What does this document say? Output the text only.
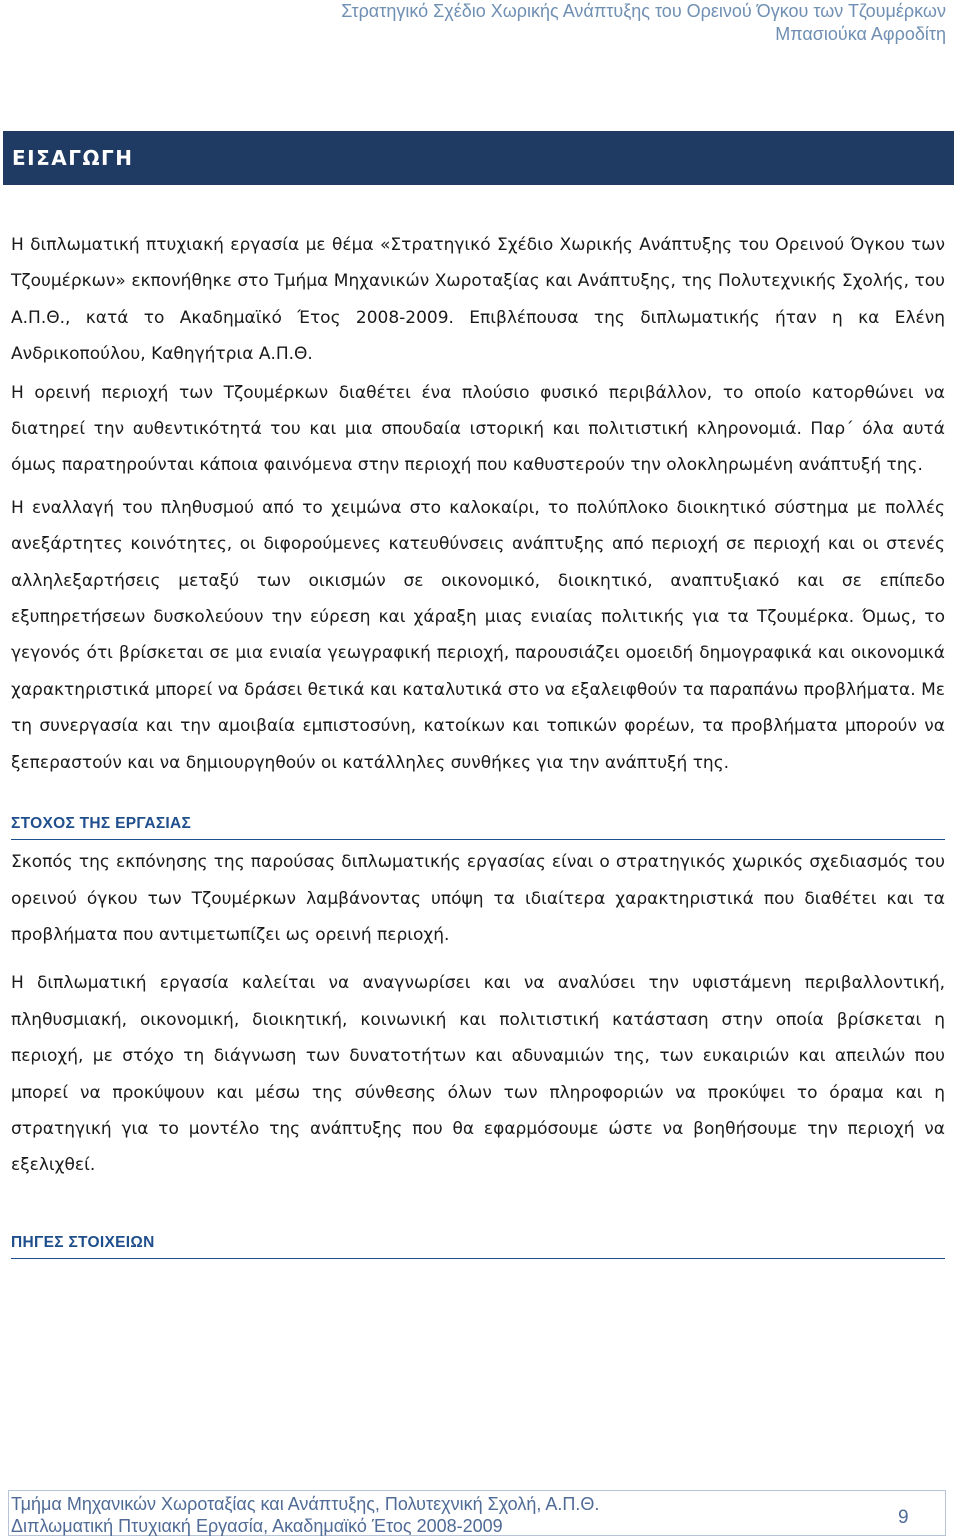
Στρατηγικό Σχέδιο Χωρικής Ανάπτυξης του Ορεινού Όγκου των Τζουμέρκων
Μπασιούκα Αφροδίτη
ΕΙΣΑΓΩΓΗ

Η διπλωματική πτυχιακή εργασία με θέμα «Στρατηγικό Σχέδιο Χωρικής Ανάπτυξης του Ορεινού Όγκου των Τζουμέρκων» εκπονήθηκε στο Τμήμα Μηχανικών Χωροταξίας και Ανάπτυξης, της Πολυτεχνικής Σχολής, του Α.Π.Θ., κατά το Ακαδημαϊκό Έτος 2008-2009. Επιβλέπουσα της διπλωματικής ήταν η κα Ελένη Ανδρικοπούλου, Καθηγήτρια Α.Π.Θ.

Η ορεινή περιοχή των Τζουμέρκων διαθέτει ένα πλούσιο φυσικό περιβάλλον, το οποίο κατορθώνει να διατηρεί την αυθεντικότητά του και μια σπουδαία ιστορική και πολιτιστική κληρονομιά. Παρ΄ όλα αυτά όμως παρατηρούνται κάποια φαινόμενα στην περιοχή που καθυστερούν την ολοκληρωμένη ανάπτυξή της.

Η εναλλαγή του πληθυσμού από το χειμώνα στο καλοκαίρι, το πολύπλοκο διοικητικό σύστημα με πολλές ανεξάρτητες κοινότητες, οι διφορούμενες κατευθύνσεις ανάπτυξης από περιοχή σε περιοχή και οι στενές αλληλεξαρτήσεις μεταξύ των οικισμών σε οικονομικό, διοικητικό, αναπτυξιακό και σε επίπεδο εξυπηρετήσεων δυσκολεύουν την εύρεση και χάραξη μιας ενιαίας πολιτικής για τα Τζουμέρκα. Όμως, το γεγονός ότι βρίσκεται σε μια ενιαία γεωγραφική περιοχή, παρουσιάζει ομοειδή δημογραφικά και οικονομικά χαρακτηριστικά μπορεί να δράσει θετικά και καταλυτικά στο να εξαλειφθούν τα παραπάνω προβλήματα. Με τη συνεργασία και την αμοιβαία εμπιστοσύνη, κατοίκων και τοπικών φορέων, τα προβλήματα μπορούν να ξεπεραστούν και να δημιουργηθούν οι κατάλληλες συνθήκες για την ανάπτυξή της.

ΣΤΟΧΟΣ ΤΗΣ ΕΡΓΑΣΙΑΣ

Σκοπός της εκπόνησης της παρούσας διπλωματικής εργασίας είναι ο στρατηγικός χωρικός σχεδιασμός του ορεινού όγκου των Τζουμέρκων λαμβάνοντας υπόψη τα ιδιαίτερα χαρακτηριστικά που διαθέτει και τα προβλήματα που αντιμετωπίζει ως ορεινή περιοχή.

Η διπλωματική εργασία καλείται να αναγνωρίσει και να αναλύσει την υφιστάμενη περιβαλλοντική, πληθυσμιακή, οικονομική, διοικητική, κοινωνική και πολιτιστική κατάσταση στην οποία βρίσκεται η περιοχή, με στόχο τη διάγνωση των δυνατοτήτων και αδυναμιών της, των ευκαιριών και απειλών που μπορεί να προκύψουν και μέσω της σύνθεσης όλων των πληροφοριών να προκύψει το όραμα και η στρατηγική για το μοντέλο της ανάπτυξης που θα εφαρμόσουμε ώστε να βοηθήσουμε την περιοχή να εξελιχθεί.

ΠΗΓΕΣ ΣΤΟΙΧΕΙΩΝ
Τμήμα Μηχανικών Χωροταξίας και Ανάπτυξης, Πολυτεχνική Σχολή, Α.Π.Θ.
Διπλωματική Πτυχιακή Εργασία, Ακαδημαϊκό Έτος 2008-2009	9
